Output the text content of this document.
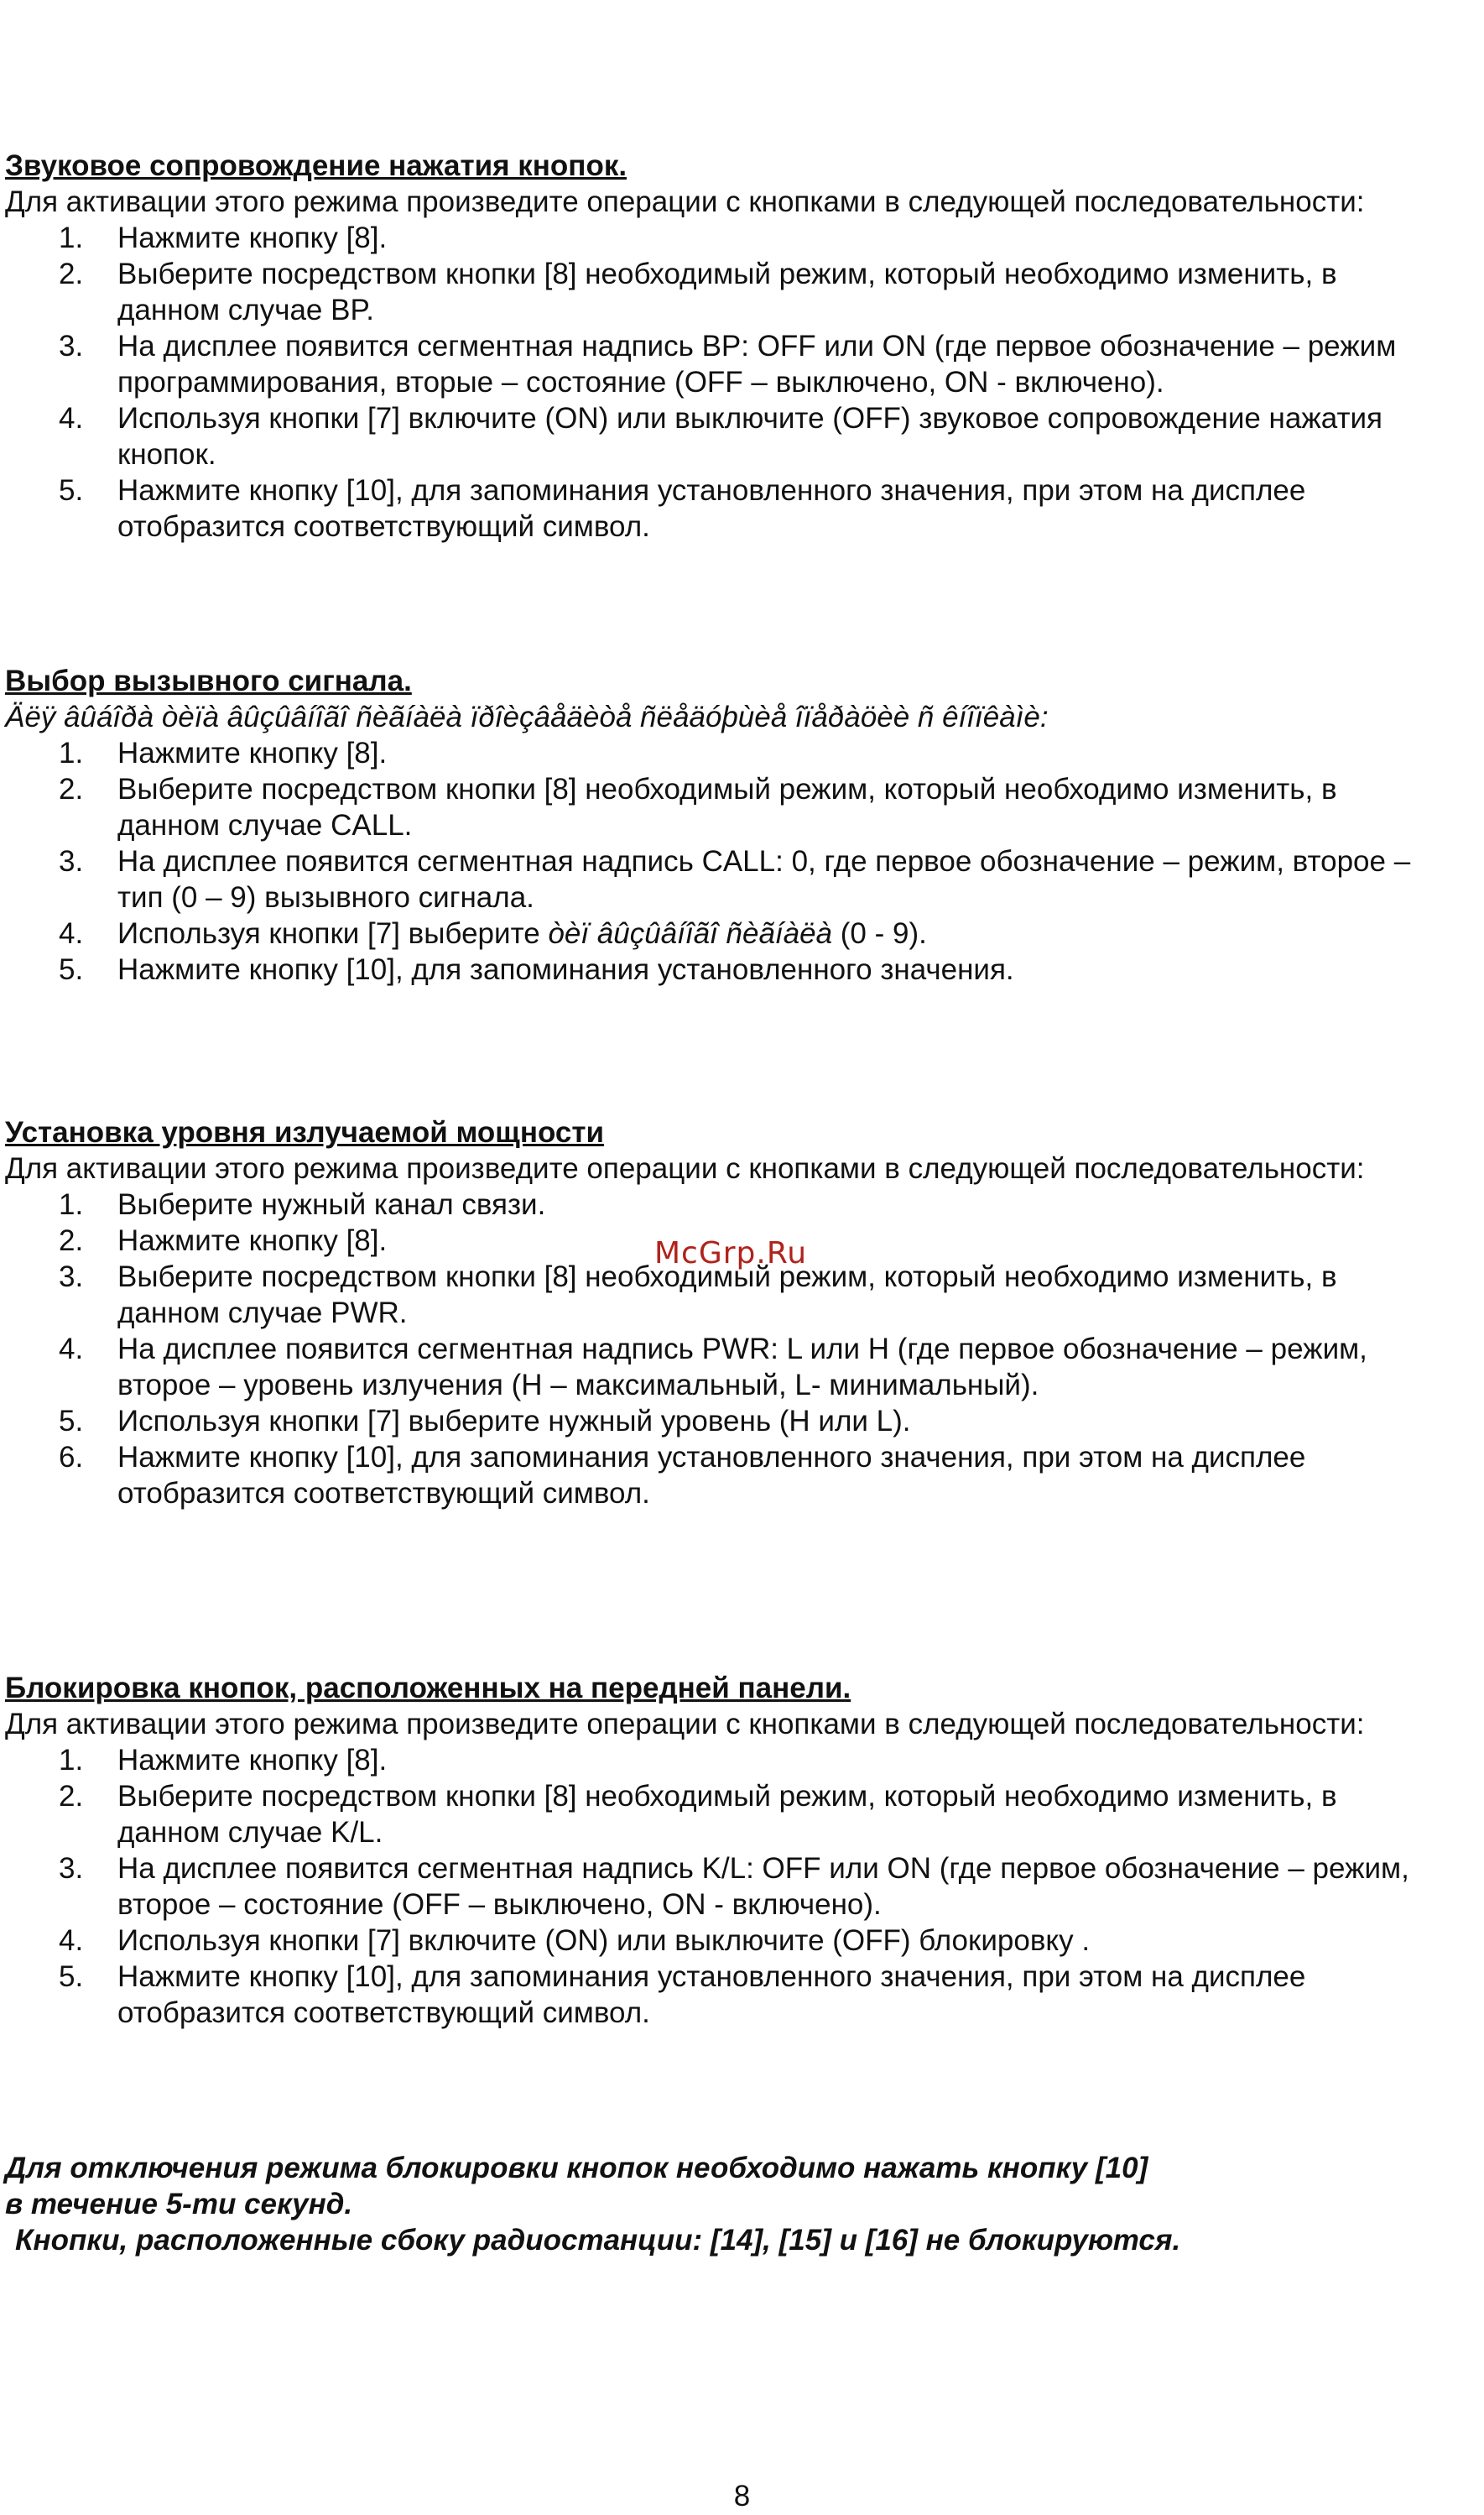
Звуковое сопровождение нажатия кнопок.

Для активации этого режима произведите операции с кнопками в следующей последовательности:

1. Нажмите кнопку [8].
2. Выберите посредством кнопки [8] необходимый режим, который необходимо изменить, в данном случае BP.
3. На дисплее появится сегментная надпись BP: OFF или ON (где первое обозначение – режим программирования, вторые – состояние (OFF – выключено, ON - включено).
4. Используя кнопки [7] включите (ON) или выключите (OFF) звуковое сопровождение нажатия кнопок.
5. Нажмите кнопку [10], для запоминания установленного значения, при этом на дисплее отобразится соответствующий символ.

Выбор вызывного сигнала.

Äëÿ âûáîðà òèïà âûçûâíîãî ñèãíàëà ïðîèçâåäèòå ñëåäóþùèå îïåðàöèè ñ êíîïêàìè:

1. Нажмите кнопку [8].
2. Выберите посредством кнопки [8] необходимый режим, который необходимо изменить, в данном случае CALL.
3. На дисплее появится сегментная надпись CALL: 0, где первое обозначение – режим, второе – тип (0 – 9) вызывного сигнала.
4. Используя кнопки [7] выберите òèï âûçûâíîãî ñèãíàëà (0 - 9).
5. Нажмите кнопку [10], для запоминания установленного значения.

Установка уровня излучаемой мощности

Для активации этого режима произведите операции с кнопками в следующей последовательности:

1. Выберите нужный канал связи.
2. Нажмите кнопку [8].
3. Выберите посредством кнопки [8] необходимый режим, который необходимо изменить, в данном случае PWR.
4. На дисплее появится сегментная надпись PWR: L или H (где первое обозначение – режим, второе – уровень излучения (H – максимальный, L- минимальный).
5. Используя кнопки [7] выберите нужный уровень (H или L).
6. Нажмите кнопку [10], для запоминания установленного значения, при этом на дисплее отобразится соответствующий символ.
McGrp.Ru

Блокировка кнопок, расположенных на передней панели.

Для активации этого режима произведите операции с кнопками в следующей последовательности:

1. Нажмите кнопку [8].
2. Выберите посредством кнопки [8] необходимый режим, который необходимо изменить, в данном случае K/L.
3. На дисплее появится сегментная надпись K/L: OFF или ON (где первое обозначение – режим, второе – состояние (OFF – выключено, ON - включено).
4. Используя кнопки [7] включите (ON) или выключите (OFF) блокировку .
5. Нажмите кнопку [10], для запоминания установленного значения, при этом на дисплее отобразится соответствующий символ.

Для отключения режима блокировки кнопок необходимо нажать кнопку [10]

в течение 5-ти секунд.

Кнопки, расположенные сбоку радиостанции: [14], [15] и [16] не блокируются.

8
